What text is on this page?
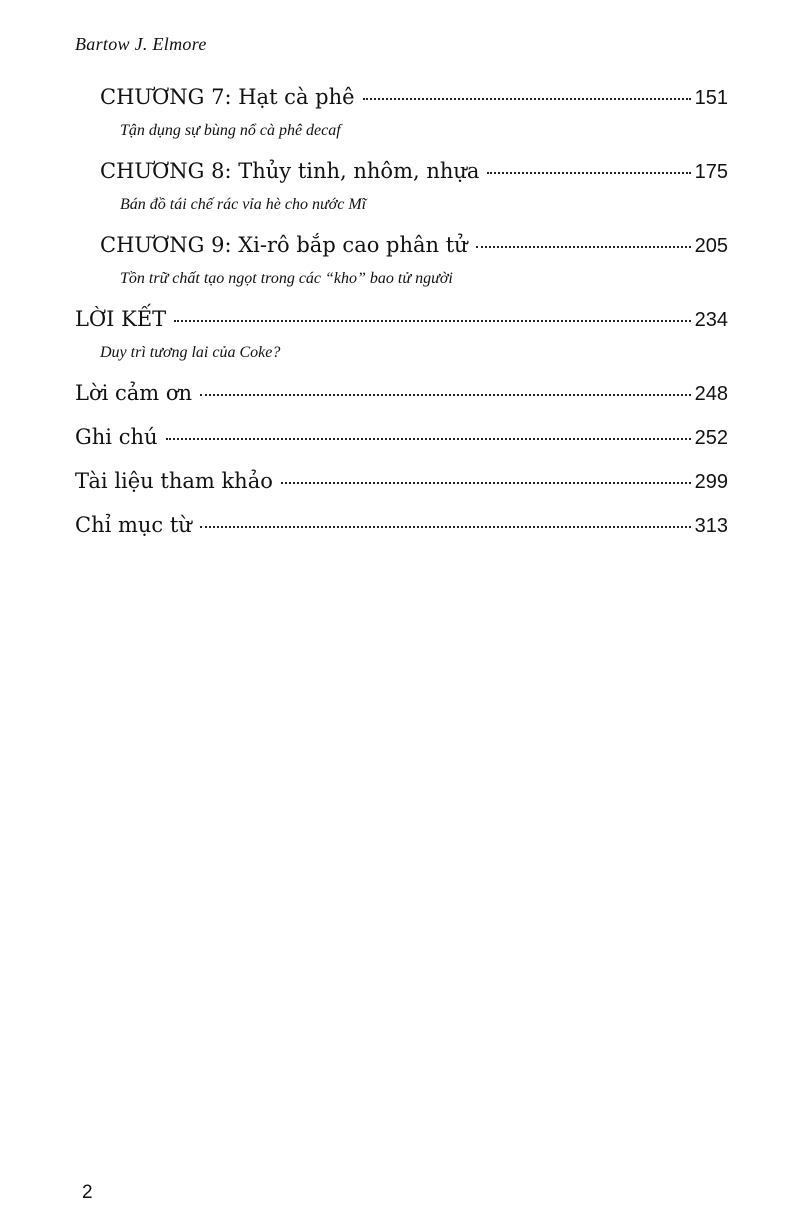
Bartow J. Elmore
CHƯƠNG 7: Hạt cà phê	151
Tận dụng sự bùng nổ cà phê decaf
CHƯƠNG 8: Thủy tinh, nhôm, nhựa	175
Bán đồ tái chế rác vỉa hè cho nước Mĩ
CHƯƠNG 9: Xi-rô bắp cao phân tử	205
Tồn trữ chất tạo ngọt trong các “kho” bao tử người
LỜI KẾT	234
Duy trì tương lai của Coke?
Lời cảm ơn	248
Ghi chú	252
Tài liệu tham khảo	299
Chỉ mục từ	313
2
